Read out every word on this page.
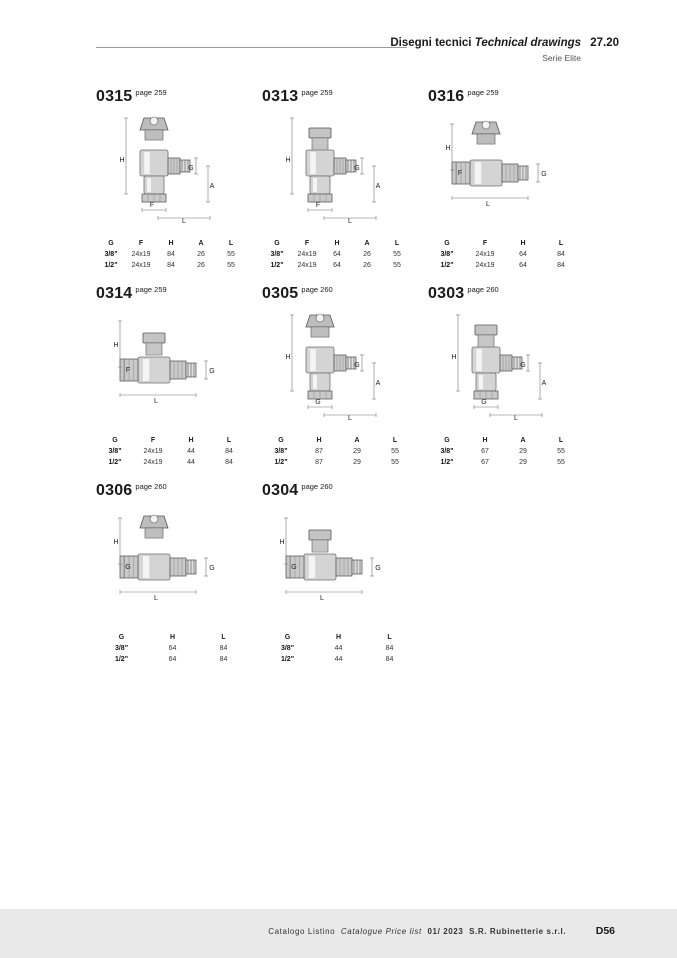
Disegni tecnici Technical drawings 27.20
Serie Elite
0315 $^{page 259}$
H
G
A
F
L
G	F	H	A	L
3/8"	24x19	84	26	55
1/2"	24x19	84	26	55
0313 $^{page 259}$
H
G
A
F
L
G	F	H	A	L
3/8"	24x19	64	26	55
1/2"	24x19	64	26	55
0316 $^{page 259}$
H
F	G
L
G	F	H	L
3/8"	24x19	64	84
1/2"	24x19	64	84
0314 $^{page 259}$
H
F	G
L
G	F	H	L
3/8"	24x19	44	84
1/2"	24x19	44	84
0305 $^{page 260}$
H
G
A
G
L
G	H	A	L
3/8"	87	29	55
1/2"	87	29	55
0303 $^{page 260}$
H
G
A
G
L
G	H	A	L
3/8"	67	29	55
1/2"	67	29	55
0306 $^{page 260}$
H
G	G
L
G	H	L
3/8"	64	84
1/2"	64	84
0304 $^{page 260}$
H
G	G
L
G	H	L
3/8"	44	84
1/2"	44	84
Catalogo Listino Catalogue Price list 01/ 2023 S.R. Rubinetterie s.r.l.	D56
